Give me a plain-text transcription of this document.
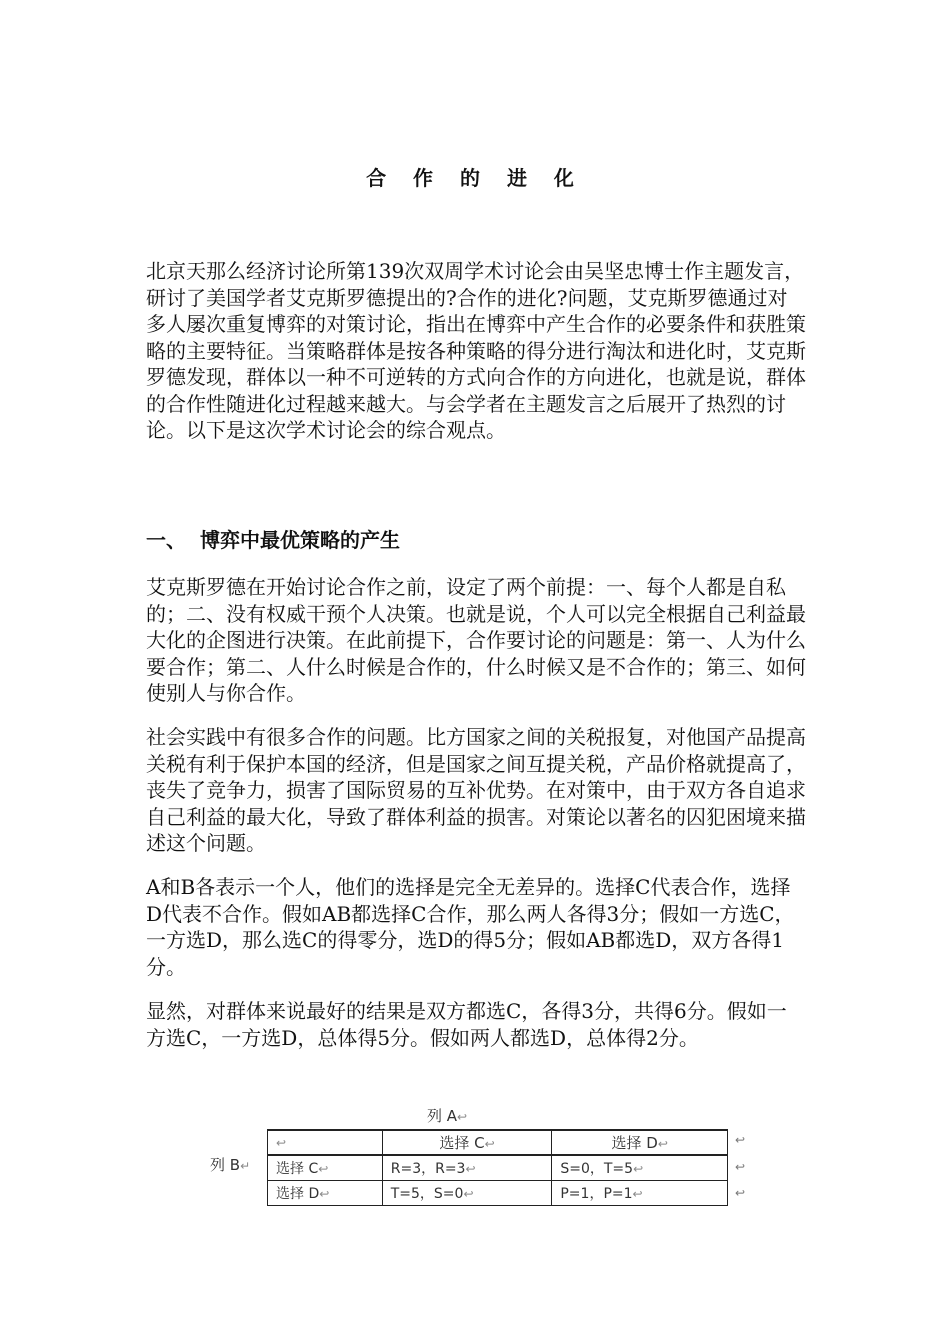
合 作 的 进 化

北京天那么经济讨论所第139次双周学术讨论会由吴坚忠博士作主题发言，研讨了美国学者艾克斯罗德提出的?合作的进化?问题，艾克斯罗德通过对多人屡次重复博弈的对策讨论，指出在博弈中产生合作的必要条件和获胜策略的主要特征。当策略群体是按各种策略的得分进行淘汰和进化时，艾克斯罗德发现，群体以一种不可逆转的方式向合作的方向进化，也就是说，群体的合作性随进化过程越来越大。与会学者在主题发言之后展开了热烈的讨论。以下是这次学术讨论会的综合观点。

一、 博弈中最优策略的产生

艾克斯罗德在开始讨论合作之前，设定了两个前提：一、每个人都是自私的；二、没有权威干预个人决策。也就是说，个人可以完全根据自己利益最大化的企图进行决策。在此前提下，合作要讨论的问题是：第一、人为什么要合作；第二、人什么时候是合作的，什么时候又是不合作的；第三、如何使别人与你合作。

社会实践中有很多合作的问题。比方国家之间的关税报复，对他国产品提高关税有利于保护本国的经济，但是国家之间互提关税，产品价格就提高了，丧失了竞争力，损害了国际贸易的互补优势。在对策中，由于双方各自追求自己利益的最大化，导致了群体利益的损害。对策论以著名的囚犯困境来描述这个问题。

A和B各表示一个人，他们的选择是完全无差异的。选择C代表合作，选择D代表不合作。假如AB都选择C合作，那么两人各得3分；假如一方选C，一方选D，那么选C的得零分，选D的得5分；假如AB都选D，双方各得1分。

显然，对群体来说最好的结果是双方都选C，各得3分，共得6分。假如一方选C，一方选D，总体得5分。假如两人都选D，总体得2分。

列 A↩
列 B↵
↩	选择 C↩	选择 D↩
选择 C↩	R=3，R=3↩	S=0，T=5↩
选择 D↩	T=5，S=0↩	P=1，P=1↩
↩
↩
↩
